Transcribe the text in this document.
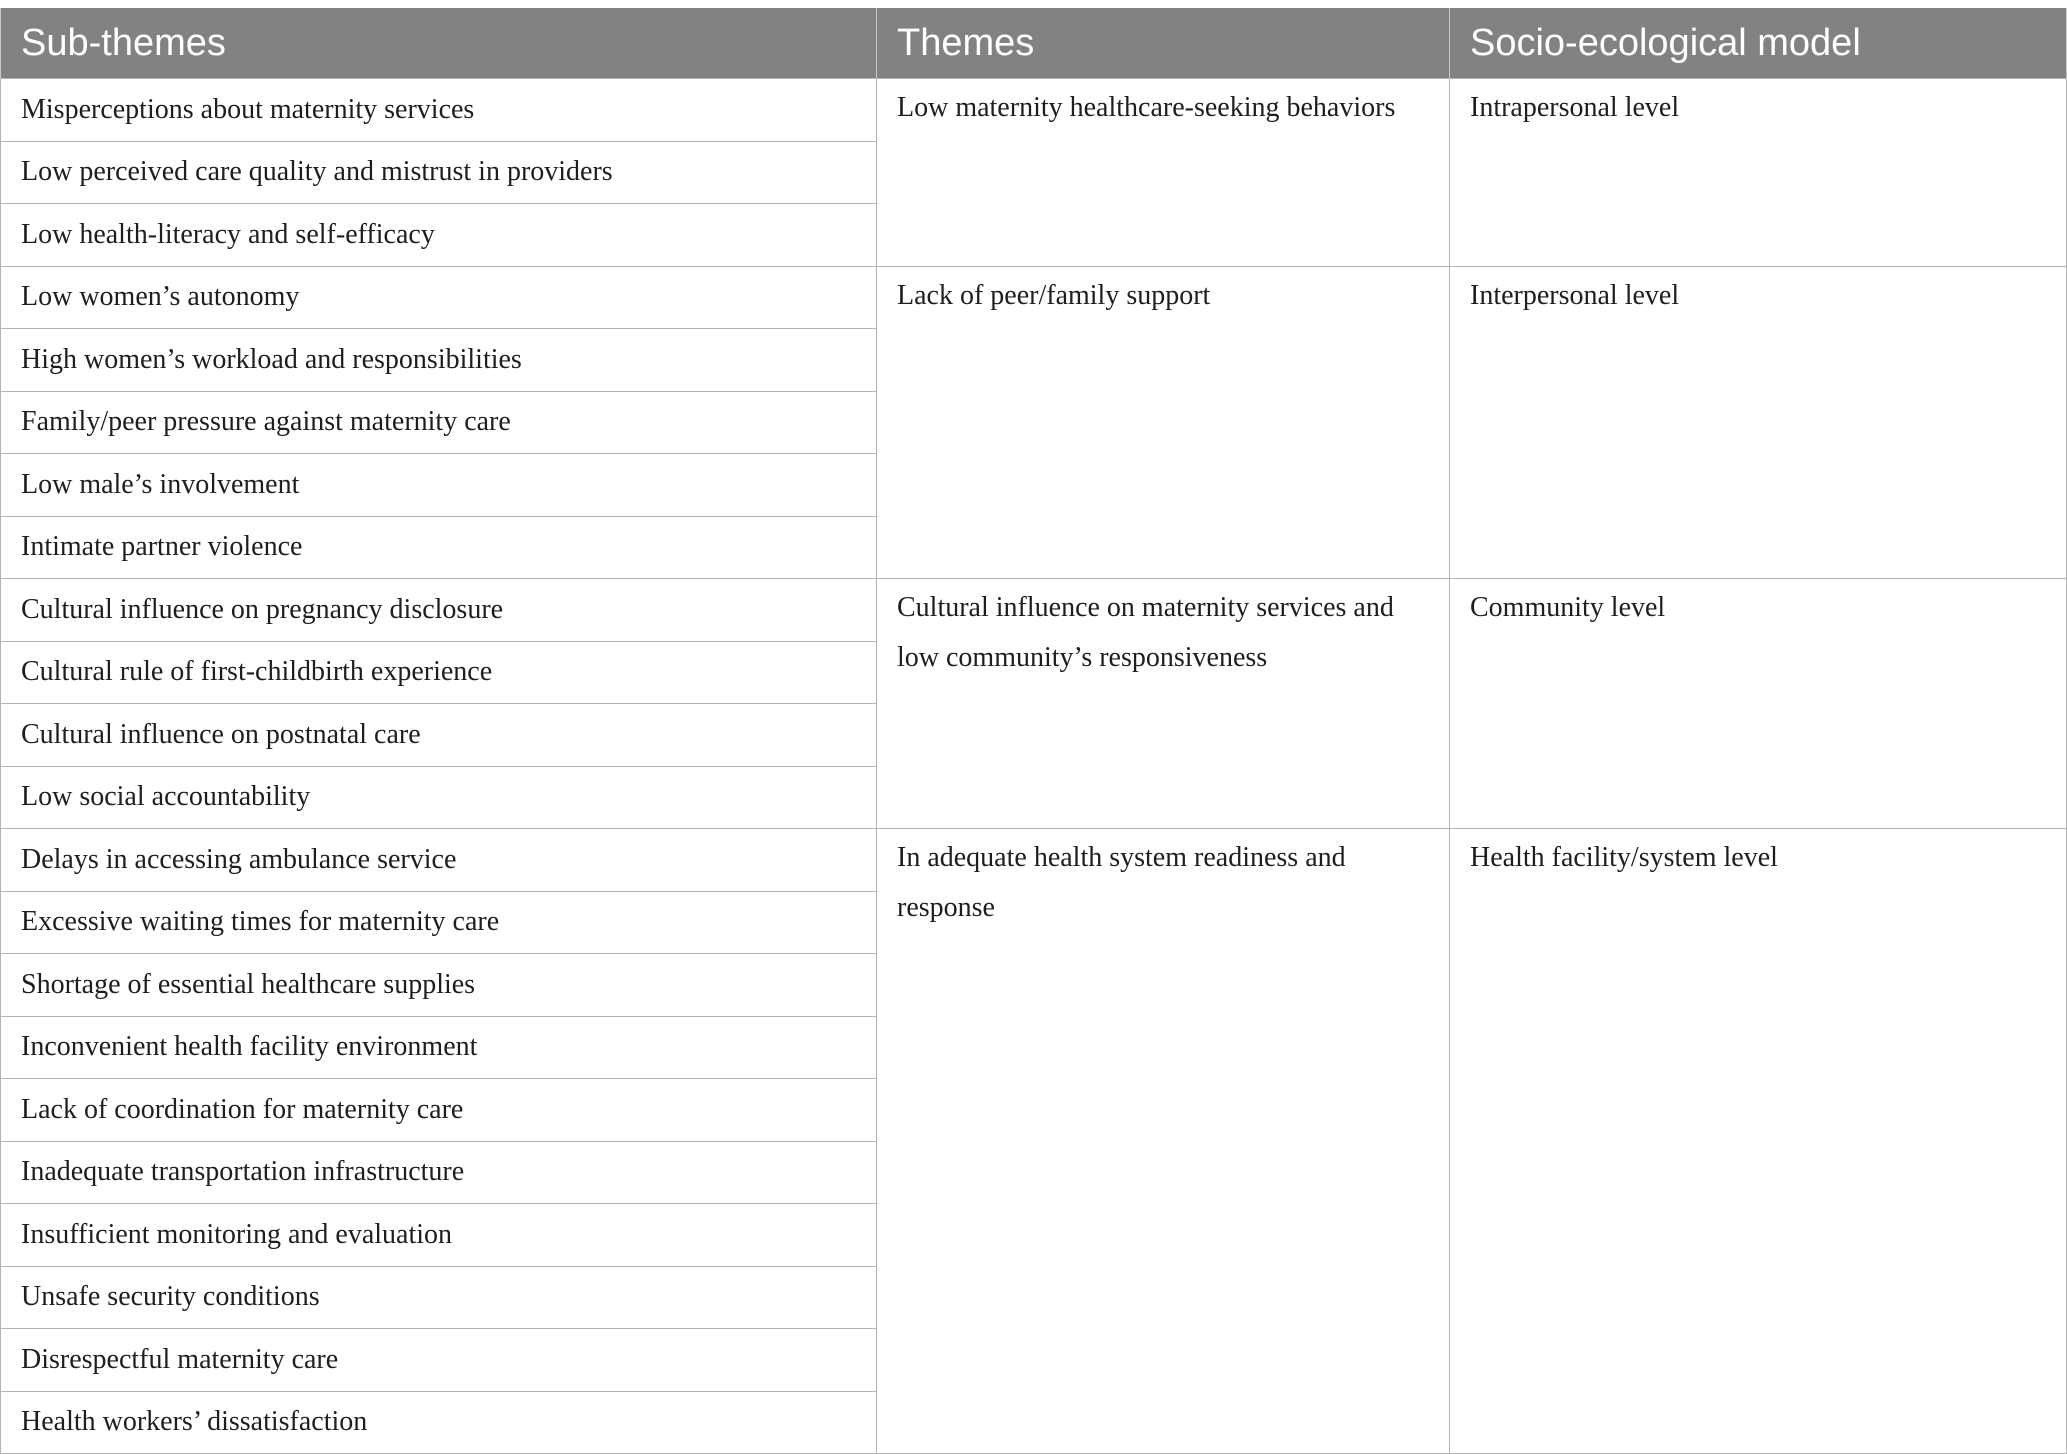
Sub-themes	Themes	Socio-ecological model
Misperceptions about maternity services	Low maternity healthcare-seeking behaviors	Intrapersonal level
Low perceived care quality and mistrust in providers		
Low health-literacy and self-efficacy		
Low women’s autonomy	Lack of peer/family support	Interpersonal level
High women’s workload and responsibilities		
Family/peer pressure against maternity care		
Low male’s involvement		
Intimate partner violence		
Cultural influence on pregnancy disclosure	Cultural influence on maternity services and low community’s responsiveness	Community level
Cultural rule of first-childbirth experience		
Cultural influence on postnatal care		
Low social accountability		
Delays in accessing ambulance service	In adequate health system readiness and response	Health facility/system level
Excessive waiting times for maternity care		
Shortage of essential healthcare supplies		
Inconvenient health facility environment		
Lack of coordination for maternity care		
Inadequate transportation infrastructure		
Insufficient monitoring and evaluation		
Unsafe security conditions		
Disrespectful maternity care		
Health workers’ dissatisfaction		
